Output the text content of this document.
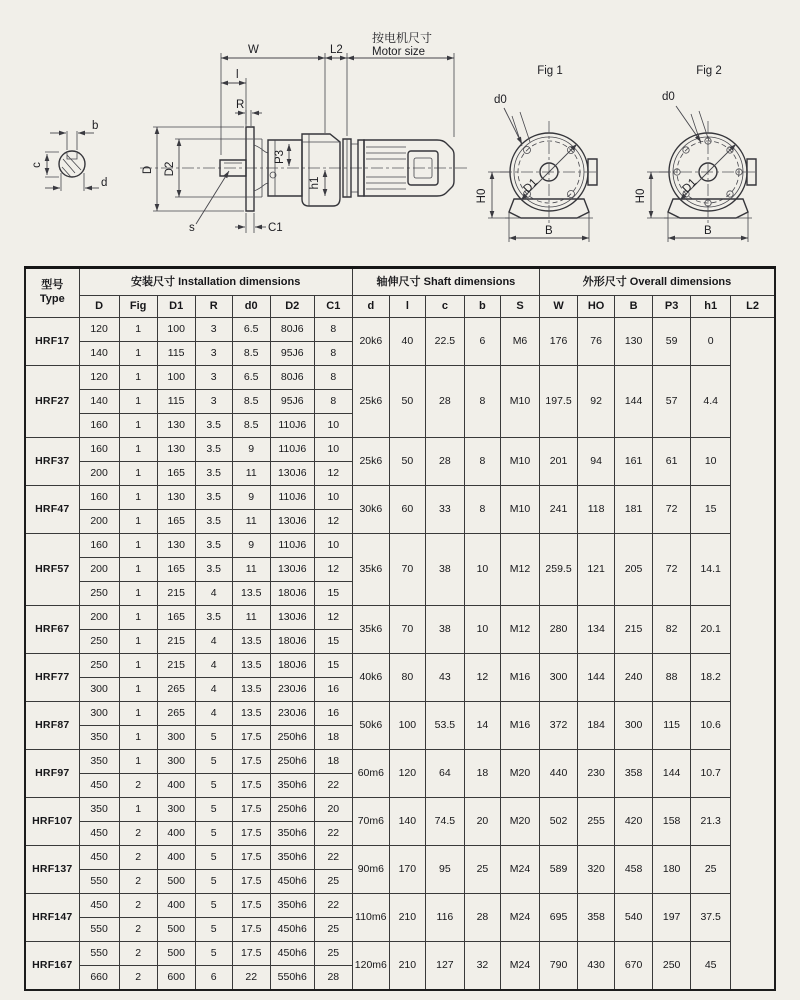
b
c
d
P3
h1
W	L2
按电机尺寸
Motor size
l
R
D D2
C1
s
Fig 1
D1
d0
H0
B
Fig 2
D1
d0
H0
B
型号
Type	安装尺寸 Installation dimensions							轴伸尺寸 Shaft dimensions					外形尺寸 Overall dimensions					
	D	Fig	D1	R	d0	D2	C1	d	l	c	b	S	W	HO	B	P3	h1	L2
HRF17	120	1	100	3	6.5	80J6	8	20k6	40	22.5	6	M6	176	76	130	59	0	
	140	1	115	3	8.5	95J6	8											
HRF27	120	1	100	3	6.5	80J6	8	25k6	50	28	8	M10	197.5	92	144	57	4.4	
	140	1	115	3	8.5	95J6	8											
	160	1	130	3.5	8.5	110J6	10											
HRF37	160	1	130	3.5	9	110J6	10	25k6	50	28	8	M10	201	94	161	61	10	
	200	1	165	3.5	11	130J6	12											
HRF47	160	1	130	3.5	9	110J6	10	30k6	60	33	8	M10	241	118	181	72	15	
	200	1	165	3.5	11	130J6	12											
HRF57	160	1	130	3.5	9	110J6	10	35k6	70	38	10	M12	259.5	121	205	72	14.1	
	200	1	165	3.5	11	130J6	12											
	250	1	215	4	13.5	180J6	15											
HRF67	200	1	165	3.5	11	130J6	12	35k6	70	38	10	M12	280	134	215	82	20.1	
	250	1	215	4	13.5	180J6	15											
HRF77	250	1	215	4	13.5	180J6	15	40k6	80	43	12	M16	300	144	240	88	18.2	
	300	1	265	4	13.5	230J6	16											
HRF87	300	1	265	4	13.5	230J6	16	50k6	100	53.5	14	M16	372	184	300	115	10.6	
	350	1	300	5	17.5	250h6	18											
HRF97	350	1	300	5	17.5	250h6	18	60m6	120	64	18	M20	440	230	358	144	10.7	
	450	2	400	5	17.5	350h6	22											
HRF107	350	1	300	5	17.5	250h6	20	70m6	140	74.5	20	M20	502	255	420	158	21.3	
	450	2	400	5	17.5	350h6	22											
HRF137	450	2	400	5	17.5	350h6	22	90m6	170	95	25	M24	589	320	458	180	25	
	550	2	500	5	17.5	450h6	25											
HRF147	450	2	400	5	17.5	350h6	22	110m6	210	116	28	M24	695	358	540	197	37.5	
	550	2	500	5	17.5	450h6	25											
HRF167	550	2	500	5	17.5	450h6	25	120m6	210	127	32	M24	790	430	670	250	45	
	660	2	600	6	22	550h6	28											
